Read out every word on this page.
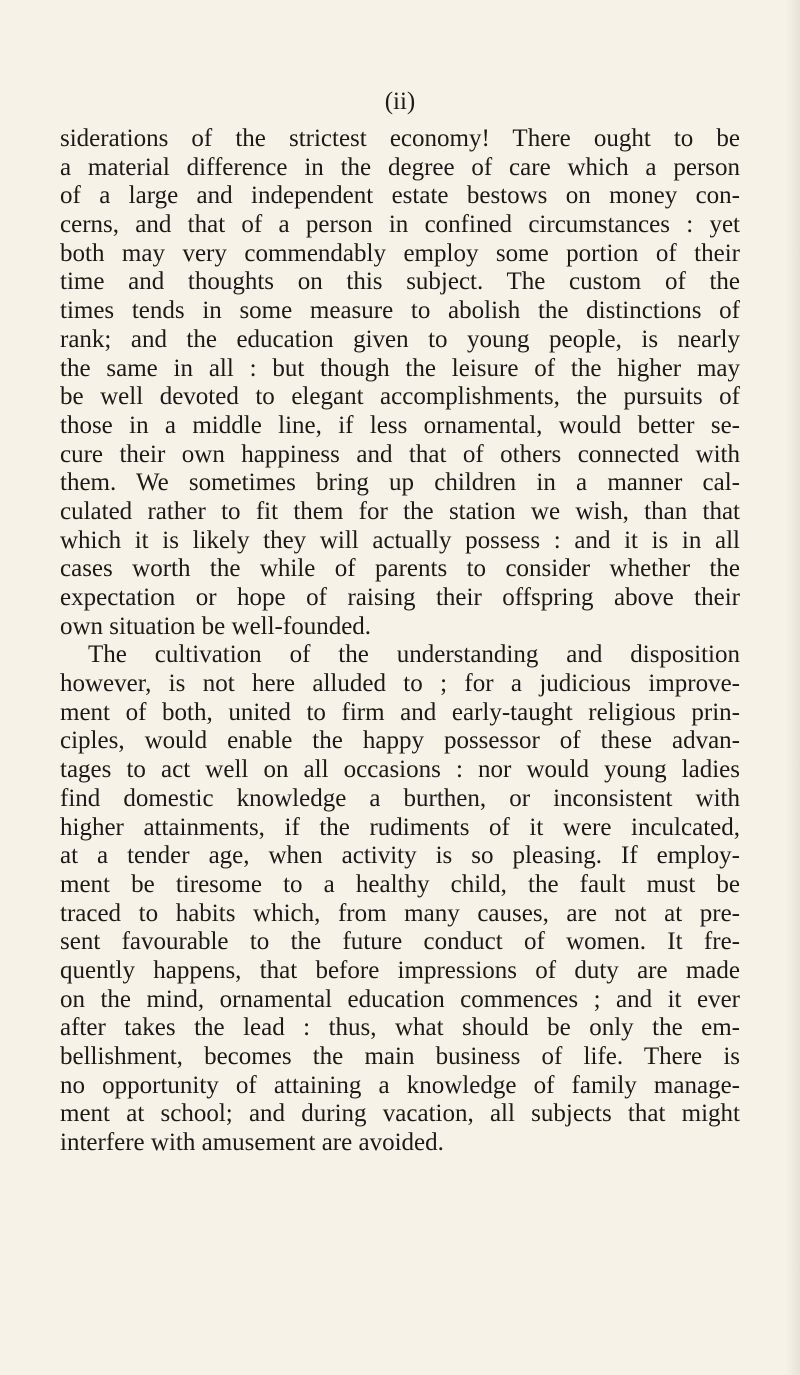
(ii)
siderations of the strictest economy! There ought to be
a material difference in the degree of care which a person
of a large and independent estate bestows on money con-
cerns, and that of a person in confined circumstances : yet
both may very commendably employ some portion of their
time and thoughts on this subject. The custom of the
times tends in some measure to abolish the distinctions of
rank; and the education given to young people, is nearly
the same in all : but though the leisure of the higher may
be well devoted to elegant accomplishments, the pursuits of
those in a middle line, if less ornamental, would better se-
cure their own happiness and that of others connected with
them. We sometimes bring up children in a manner cal-
culated rather to fit them for the station we wish, than that
which it is likely they will actually possess : and it is in all
cases worth the while of parents to consider whether the
expectation or hope of raising their offspring above their
own situation be well-founded.
The cultivation of the understanding and disposition
however, is not here alluded to ; for a judicious improve-
ment of both, united to firm and early-taught religious prin-
ciples, would enable the happy possessor of these advan-
tages to act well on all occasions : nor would young ladies
find domestic knowledge a burthen, or inconsistent with
higher attainments, if the rudiments of it were inculcated,
at a tender age, when activity is so pleasing. If employ-
ment be tiresome to a healthy child, the fault must be
traced to habits which, from many causes, are not at pre-
sent favourable to the future conduct of women. It fre-
quently happens, that before impressions of duty are made
on the mind, ornamental education commences ; and it ever
after takes the lead : thus, what should be only the em-
bellishment, becomes the main business of life. There is
no opportunity of attaining a knowledge of family manage-
ment at school; and during vacation, all subjects that might
interfere with amusement are avoided.
